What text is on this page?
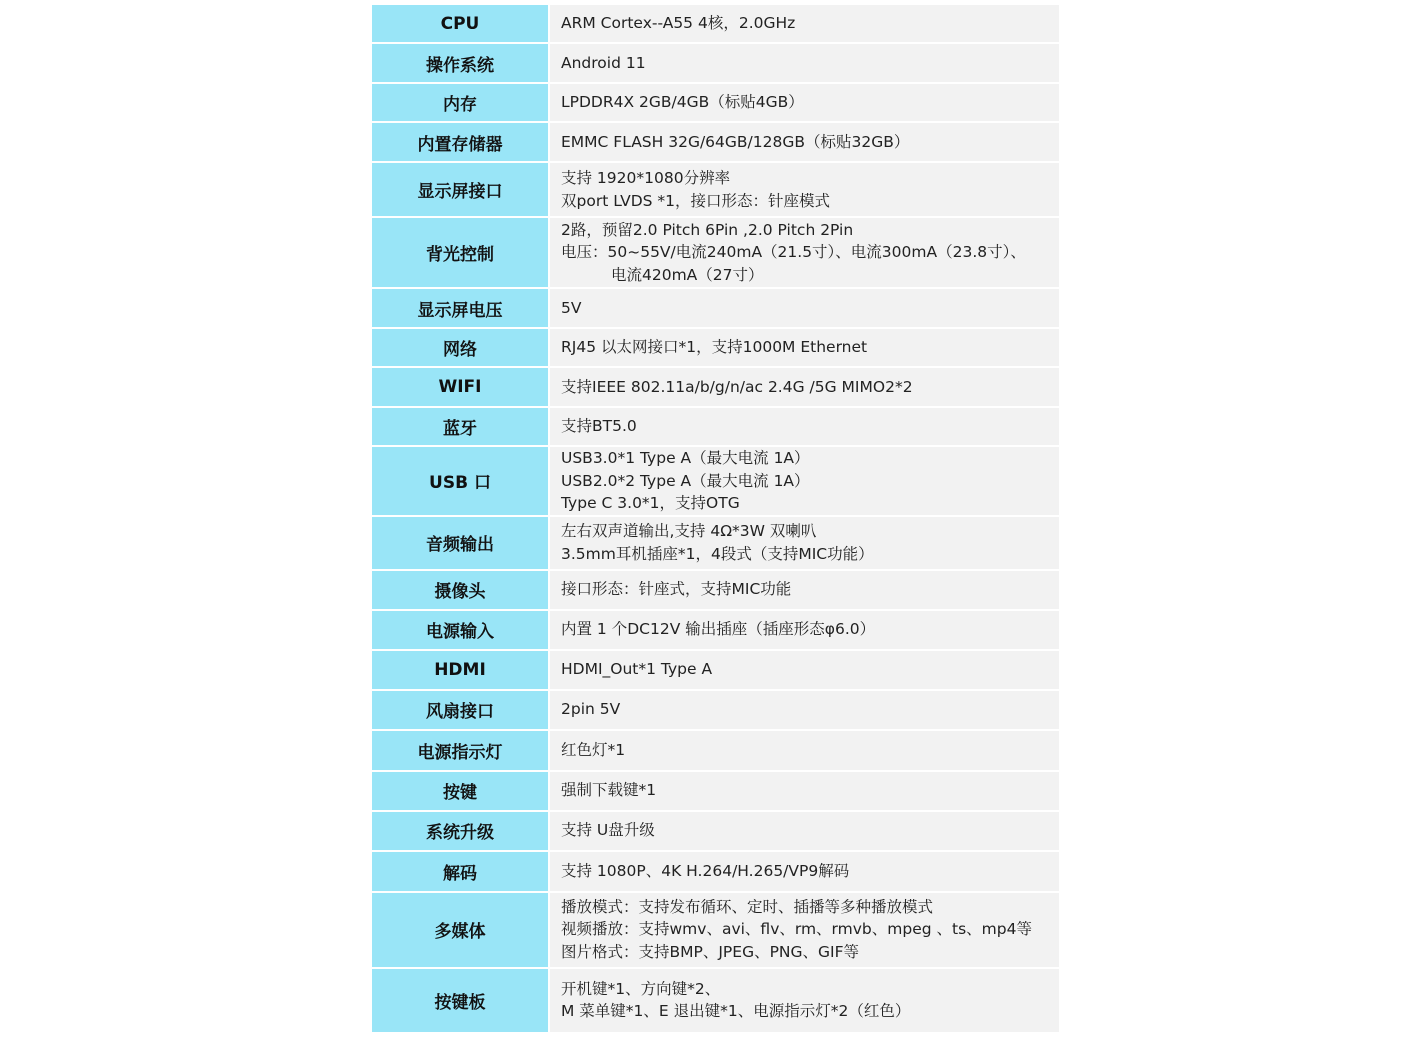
CPU	ARM Cortex--A55 4核，2.0GHz

操作系统	Android 11

内存	LPDDR4X 2GB/4GB（标贴4GB）

内置存储器	EMMC FLASH 32G/64GB/128GB（标贴32GB）

显示屏接口	支持 1920*1080分辨率
双port LVDS *1，接口形态：针座模式

背光控制	2路，预留2.0 Pitch 6Pin ,2.0 Pitch 2Pin
电压：50~55V/电流240mA（21.5寸）、电流300mA（23.8寸）、
电流420mA（27寸）

显示屏电压	5V

网络	RJ45 以太网接口*1，支持1000M Ethernet

WIFI	支持IEEE 802.11a/b/g/n/ac 2.4G /5G MIMO2*2

蓝牙	支持BT5.0

USB 口	USB3.0*1 Type A（最大电流 1A）
USB2.0*2 Type A（最大电流 1A）
Type C 3.0*1，支持OTG

音频输出	左右双声道输出,支持 4Ω*3W 双喇叭
3.5mm耳机插座*1，4段式（支持MIC功能）

摄像头	接口形态：针座式，支持MIC功能

电源输入	内置 1 个DC12V 输出插座（插座形态φ6.0）

HDMI	HDMI_Out*1 Type A

风扇接口	2pin 5V

电源指示灯	红色灯*1

按键	强制下载键*1

系统升级	支持 U盘升级

解码	支持 1080P、4K H.264/H.265/VP9解码

多媒体	播放模式：支持发布循环、定时、插播等多种播放模式
视频播放：支持wmv、avi、flv、rm、rmvb、mpeg 、ts、mp4等
图片格式：支持BMP、JPEG、PNG、GIF等

按键板	开机键*1、方向键*2、
M 菜单键*1、E 退出键*1、电源指示灯*2（红色）
